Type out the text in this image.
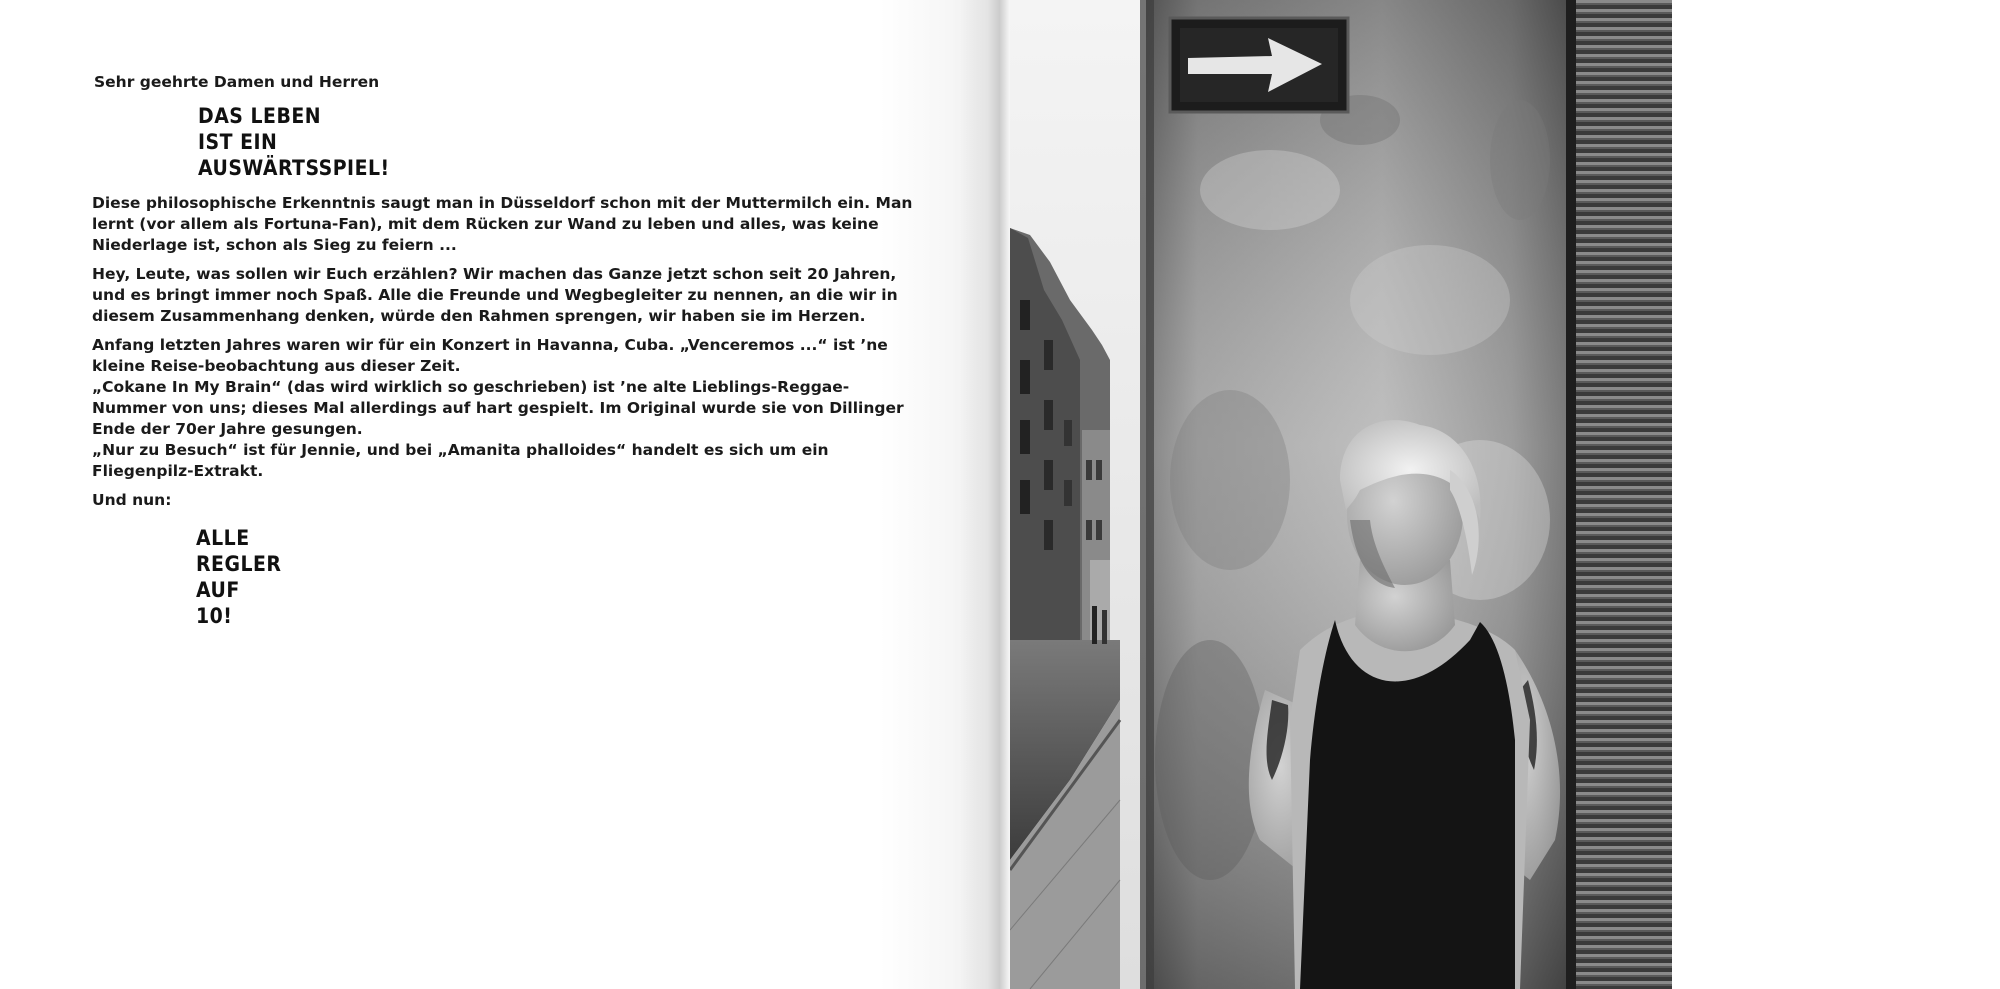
Sehr geehrte Damen und Herren
DAS LEBEN
IST EIN
AUSWÄRTSSPIEL!

Diese philosophische Erkenntnis saugt man in Düsseldorf schon mit der Muttermilch ein. Man lernt (vor allem als Fortuna-Fan), mit dem Rücken zur Wand zu leben und alles, was keine Niederlage ist, schon als Sieg zu feiern ...

Hey, Leute, was sollen wir Euch erzählen? Wir machen das Ganze jetzt schon seit 20 Jahren, und es bringt immer noch Spaß. Alle die Freunde und Wegbegleiter zu nennen, an die wir in diesem Zusammenhang denken, würde den Rahmen sprengen, wir haben sie im Herzen.

Anfang letzten Jahres waren wir für ein Konzert in Havanna, Cuba. „Venceremos ...“ ist ’ne kleine Reise-beobachtung aus dieser Zeit.

„Cokane In My Brain“ (das wird wirklich so geschrieben) ist ’ne alte Lieblings-Reggae-Nummer von uns; dieses Mal allerdings auf hart gespielt. Im Original wurde sie von Dillinger Ende der 70er Jahre gesungen.

„Nur zu Besuch“ ist für Jennie, und bei „Amanita phalloides“ handelt es sich um ein Fliegenpilz-Extrakt.

Und nun:
ALLE
REGLER
AUF
10!
